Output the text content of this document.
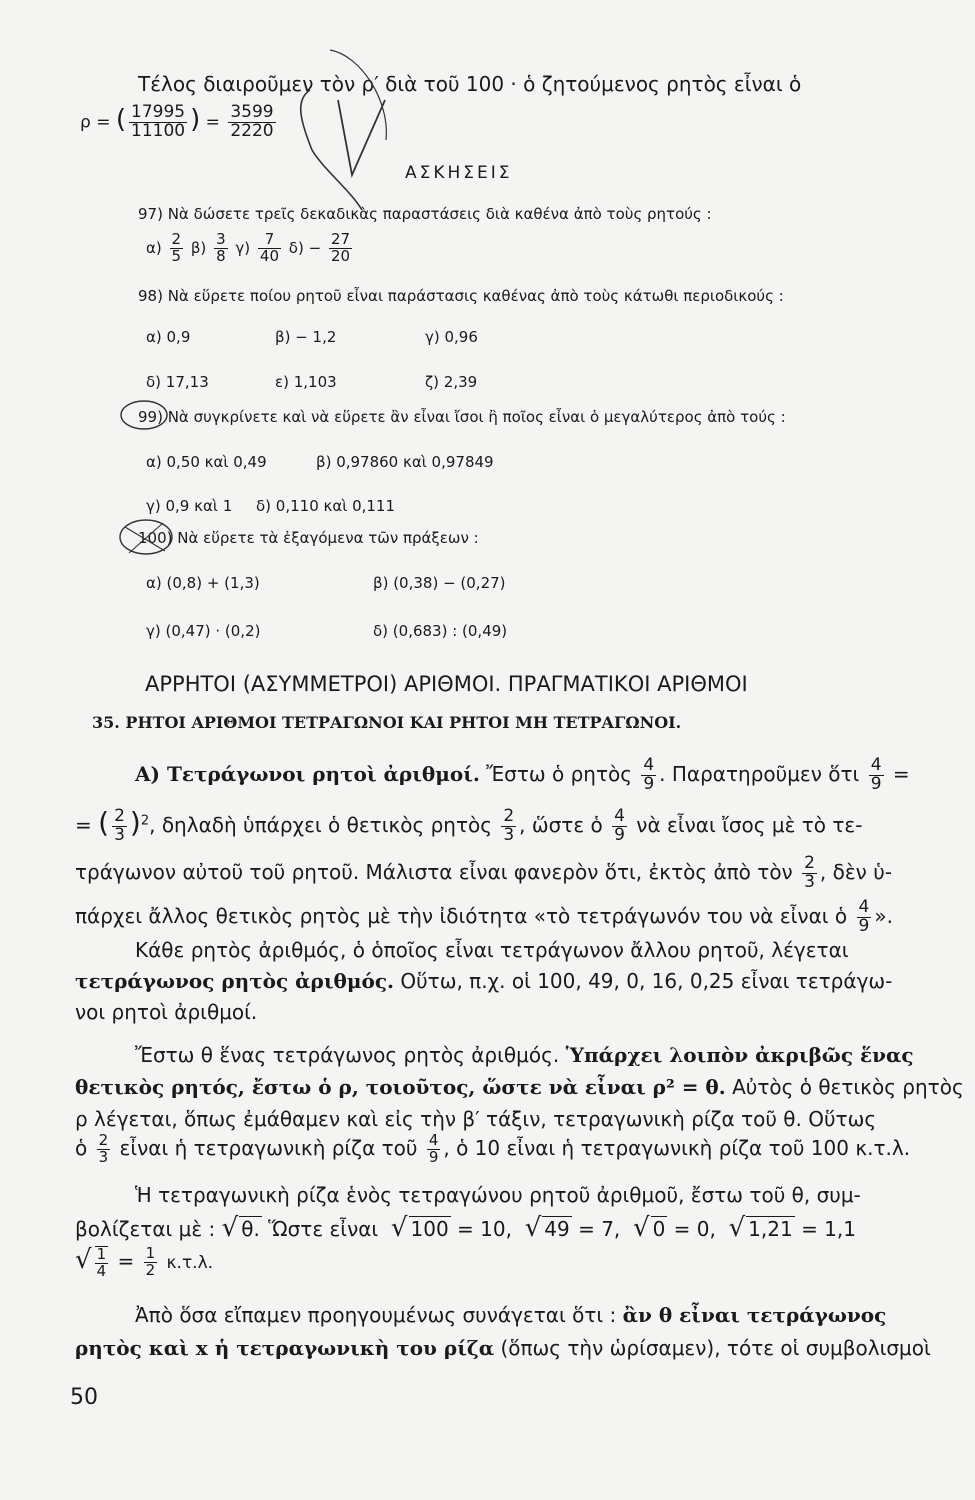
Τέλος διαιροῦμεν τὸν ρ′ διὰ τοῦ 100 · ὁ ζητούμενος ρητὸς εἶναι ὁ
ρ = ( $\frac{17995}{11100}$ ) = $\frac{3599}{2220}$
ΑΣΚΗΣΕΙΣ
97) Νὰ δώσετε τρεῖς δεκαδικὰς παραστάσεις διὰ καθένα ἀπὸ τοὺς ρητούς :
$\alpha) \frac{2}{5} \beta) \frac{3}{8} \gamma) \frac{7}{40} \delta) - \frac{27}{20}$
98) Νὰ εὕρετε ποίου ρητοῦ εἶναι παράστασις καθένας ἀπὸ τοὺς κάτωθι περιοδικούς :
α) 0,9	β) − 1,2	γ) 0,96
δ) 17,13	ε) 1,103	ζ) 2,39
99) Νὰ συγκρίνετε καὶ νὰ εὕρετε ἂν εἶναι ἴσοι ἢ ποῖος εἶναι ὁ μεγαλύτερος ἀπὸ τούς :
α) 0,50 καὶ 0,49	β) 0,97860 καὶ 0,97849
γ) 0,9 καὶ 1 δ) 0,110 καὶ 0,111
100) Νὰ εὕρετε τὰ ἐξαγόμενα τῶν πράξεων :
α) (0,8) + (1,3)	β) (0,38) − (0,27)
γ) (0,47) · (0,2)	δ) (0,683) : (0,49)
ΑΡΡΗΤΟΙ (ΑΣΥΜΜΕΤΡΟΙ) ΑΡΙΘΜΟΙ. ΠΡΑΓΜΑΤΙΚΟΙ ΑΡΙΘΜΟΙ
35. ΡΗΤΟΙ ΑΡΙΘΜΟΙ ΤΕΤΡΑΓΩΝΟΙ ΚΑΙ ΡΗΤΟΙ ΜΗ ΤΕΤΡΑΓΩΝΟΙ.
A) Τετράγωνοι ρητοὶ ἀριθμοί. Ἔστω ὁ ρητὸς $\frac{4}{9}$ . Παρατηροῦμεν ὅτι $\frac{4}{9}$ =
= ( $\frac{2}{3} )^2$, δηλαδὴ ὑπάρχει ὁ θετικὸς ρητὸς $\frac{2}{3}$ , ὥστε ὁ $\frac{4}{9}$ νὰ εἶναι ἴσος μὲ τὸ τε-
τράγωνον αὐτοῦ τοῦ ρητοῦ. Μάλιστα εἶναι φανερὸν ὅτι, ἐκτὸς ἀπὸ τὸν $\frac{2}{3}$ , δὲν ὑ-
πάρχει ἄλλος θετικὸς ρητὸς μὲ τὴν ἰδιότητα «τὸ τετράγωνόν του νὰ εἶναι ὁ $\frac{4}{9}$ ».
Κάθε ρητὸς ἀριθμός, ὁ ὁποῖος εἶναι τετράγωνον ἄλλου ρητοῦ, λέγεται
τετράγωνος ρητὸς ἀριθμός. Οὕτω, π.χ. οἱ 100, 49, 0, 16, 0,25 εἶναι τετράγω-
νοι ρητοὶ ἀριθμοί.
Ἔστω θ ἕνας τετράγωνος ρητὸς ἀριθμός. Ὑπάρχει λοιπὸν ἀκριβῶς ἕνας
θετικὸς ρητός, ἔστω ὁ ρ, τοιοῦτος, ὥστε νὰ εἶναι ρ² = θ. Αὐτὸς ὁ θετικὸς ρητὸς
ρ λέγεται, ὅπως ἐμάθαμεν καὶ εἰς τὴν β′ τάξιν, τετραγωνικὴ ρίζα τοῦ θ. Οὕτως
ὁ $\frac{2}{3}$ εἶναι ἡ τετραγωνικὴ ρίζα τοῦ $\frac{4}{9}$ , ὁ 10 εἶναι ἡ τετραγωνικὴ ρίζα τοῦ 100 κ.τ.λ.
Ἡ τετραγωνικὴ ρίζα ἑνὸς τετραγώνου ρητοῦ ἀριθμοῦ, ἔστω τοῦ θ, συμ-
βολίζεται μὲ : √ θ. Ὥστε εἶναι √ 100 = 10, √ 49 = 7, √ 0 = 0, √ 1,21 = 1,1
√ $\frac{1}{4} = \frac{1}{2} \kappa.\tau.\lambda$.
Ἀπὸ ὅσα εἴπαμεν προηγουμένως συνάγεται ὅτι : ἂν θ εἶναι τετράγωνος
ρητὸς καὶ x ἡ τετραγωνικὴ του ρίζα (ὅπως τὴν ὡρίσαμεν), τότε οἱ συμβολισμοὶ
50
